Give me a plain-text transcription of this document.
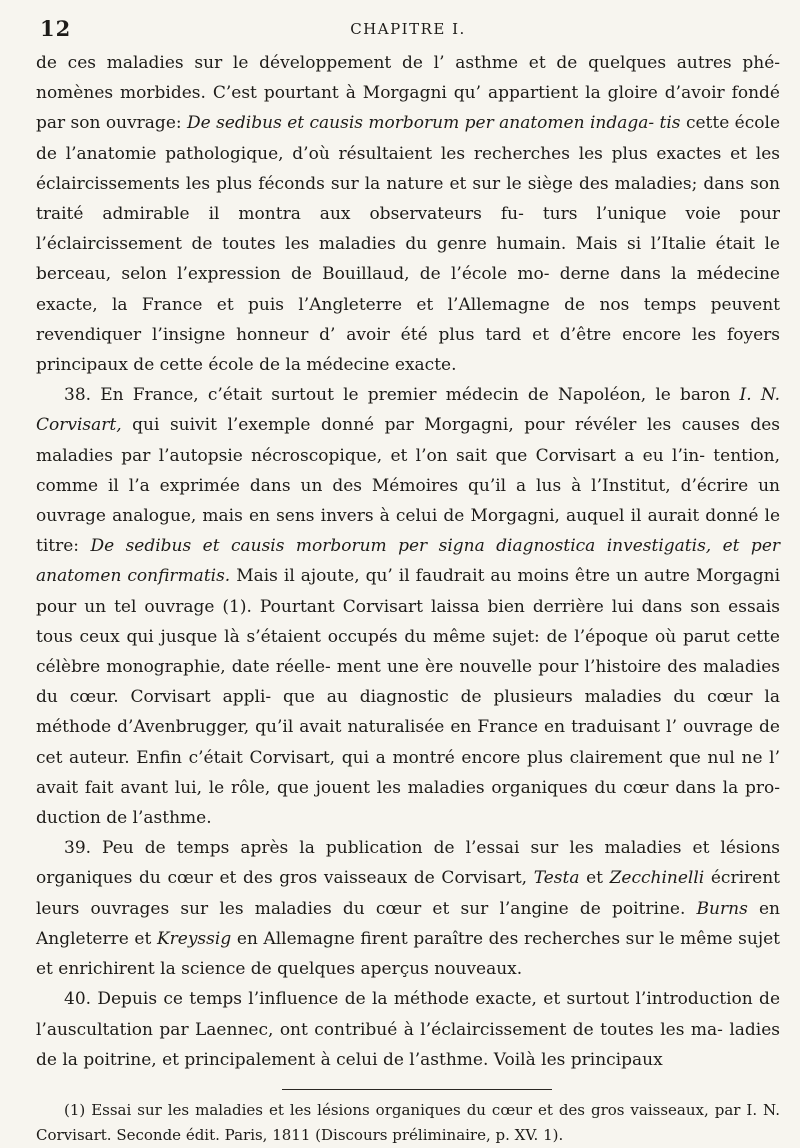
12	CHAPITRE I.

de ces maladies sur le développement de l’ asthme et de quelques autres phé- nomènes morbides. C’est pourtant à Morgagni qu’ appartient la gloire d’avoir fondé par son ouvrage: De sedibus et causis morborum per anatomen indaga- tis cette école de l’anatomie pathologique, d’où résultaient les recherches les plus exactes et les éclaircissements les plus féconds sur la nature et sur le siège des maladies; dans son traité admirable il montra aux observateurs fu- turs l’unique voie pour l’éclaircissement de toutes les maladies du genre humain. Mais si l’Italie était le berceau, selon l’expression de Bouillaud, de l’école mo- derne dans la médecine exacte, la France et puis l’Angleterre et l’Allemagne de nos temps peuvent revendiquer l’insigne honneur d’ avoir été plus tard et d’être encore les foyers principaux de cette école de la médecine exacte.

38. En France, c’était surtout le premier médecin de Napoléon, le baron I. N. Corvisart, qui suivit l’exemple donné par Morgagni, pour révéler les causes des maladies par l’autopsie nécroscopique, et l’on sait que Corvisart a eu l’in- tention, comme il l’a exprimée dans un des Mémoires qu’il a lus à l’Institut, d’écrire un ouvrage analogue, mais en sens invers à celui de Morgagni, auquel il aurait donné le titre: De sedibus et causis morborum per signa diagnostica investigatis, et per anatomen confirmatis. Mais il ajoute, qu’ il faudrait au moins être un autre Morgagni pour un tel ouvrage (1). Pourtant Corvisart laissa bien derrière lui dans son essais tous ceux qui jusque là s’étaient occupés du même sujet: de l’époque où parut cette célèbre monographie, date réelle- ment une ère nouvelle pour l’histoire des maladies du cœur. Corvisart appli- que au diagnostic de plusieurs maladies du cœur la méthode d’Avenbrugger, qu’il avait naturalisée en France en traduisant l’ ouvrage de cet auteur. Enfin c’était Corvisart, qui a montré encore plus clairement que nul ne l’ avait fait avant lui, le rôle, que jouent les maladies organiques du cœur dans la pro- duction de l’asthme.

39. Peu de temps après la publication de l’essai sur les maladies et lésions organiques du cœur et des gros vaisseaux de Corvisart, Testa et Zecchinelli écrirent leurs ouvrages sur les maladies du cœur et sur l’angine de poitrine. Burns en Angleterre et Kreyssig en Allemagne firent paraître des recherches sur le même sujet et enrichirent la science de quelques aperçus nouveaux.

40. Depuis ce temps l’influence de la méthode exacte, et surtout l’introduction de l’auscultation par Laennec, ont contribué à l’éclaircissement de toutes les ma- ladies de la poitrine, et principalement à celui de l’asthme. Voilà les principaux

(1) Essai sur les maladies et les lésions organiques du cœur et des gros vaisseaux, par I. N. Corvisart. Seconde édit. Paris, 1811 (Discours préliminaire, p. XV. 1).
